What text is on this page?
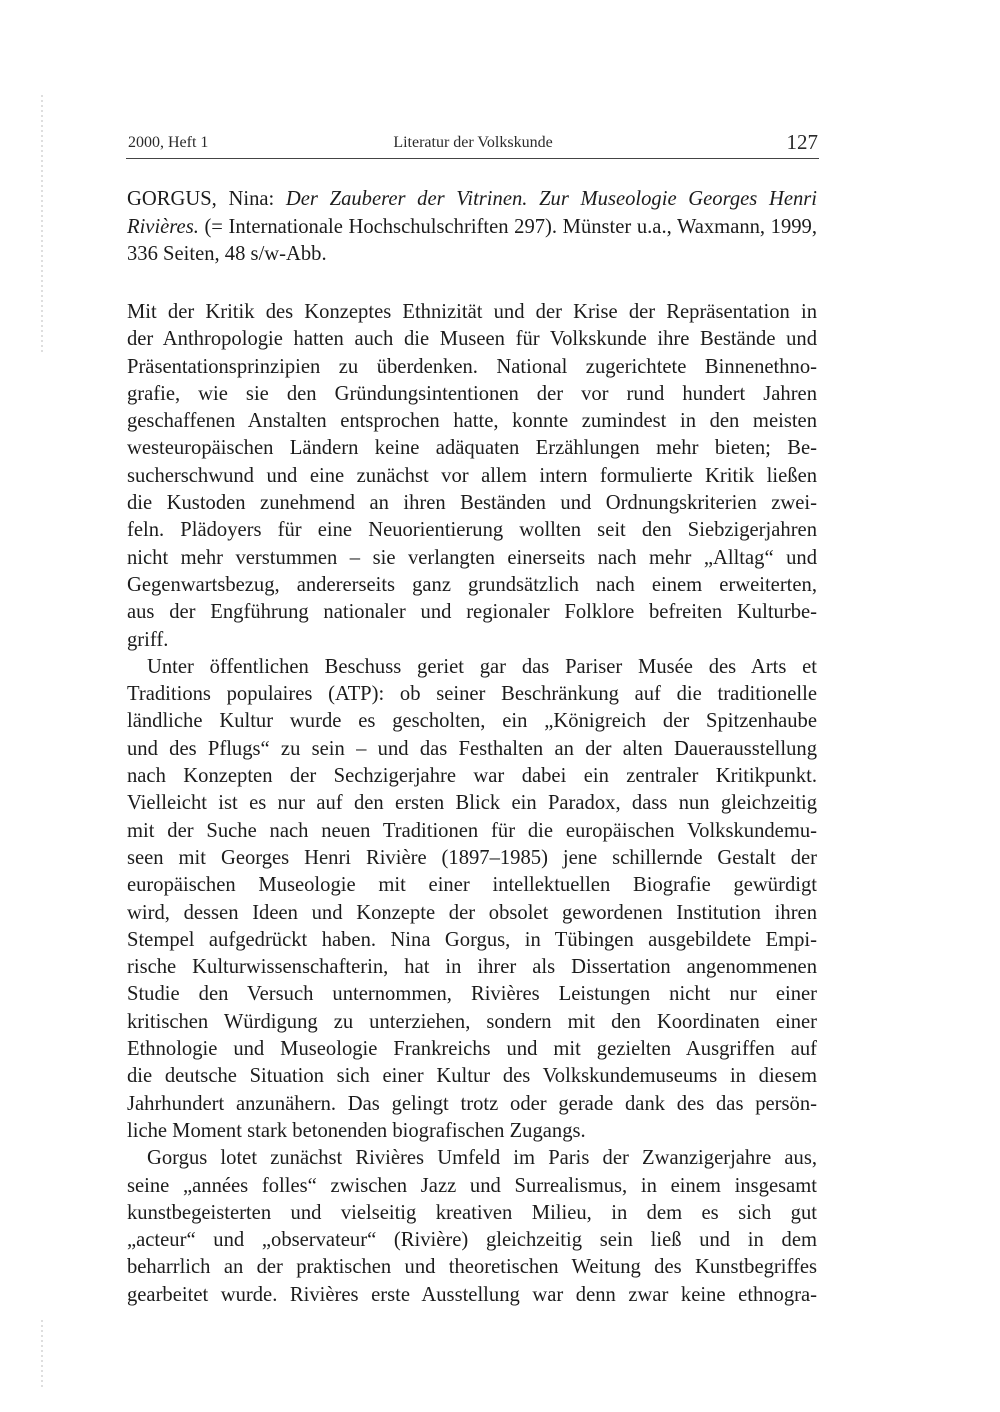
2000, Heft 1	Literatur der Volkskunde	127
GORGUS, Nina: Der Zauberer der Vitrinen. Zur Museologie Georges Henri Rivières. (= Internationale Hochschulschriften 297). Münster u.a., Waxmann, 1999, 336 Seiten, 48 s/w-Abb.
Mit der Kritik des Konzeptes Ethnizität und der Krise der Repräsentation in
der Anthropologie hatten auch die Museen für Volkskunde ihre Bestände und
Präsentationsprinzipien zu überdenken. National zugerichtete Binnenethno-
grafie, wie sie den Gründungsintentionen der vor rund hundert Jahren
geschaffenen Anstalten entsprochen hatte, konnte zumindest in den meisten
westeuropäischen Ländern keine adäquaten Erzählungen mehr bieten; Be-
sucherschwund und eine zunächst vor allem intern formulierte Kritik ließen
die Kustoden zunehmend an ihren Beständen und Ordnungskriterien zwei-
feln. Plädoyers für eine Neuorientierung wollten seit den Siebzigerjahren
nicht mehr verstummen – sie verlangten einerseits nach mehr „Alltag“ und
Gegenwartsbezug, andererseits ganz grundsätzlich nach einem erweiterten,
aus der Engführung nationaler und regionaler Folklore befreiten Kulturbe-
griff.
Unter öffentlichen Beschuss geriet gar das Pariser Musée des Arts et
Traditions populaires (ATP): ob seiner Beschränkung auf die traditionelle
ländliche Kultur wurde es gescholten, ein „Königreich der Spitzenhaube
und des Pflugs“ zu sein – und das Festhalten an der alten Dauerausstellung
nach Konzepten der Sechzigerjahre war dabei ein zentraler Kritikpunkt.
Vielleicht ist es nur auf den ersten Blick ein Paradox, dass nun gleichzeitig
mit der Suche nach neuen Traditionen für die europäischen Volkskundemu-
seen mit Georges Henri Rivière (1897–1985) jene schillernde Gestalt der
europäischen Museologie mit einer intellektuellen Biografie gewürdigt
wird, dessen Ideen und Konzepte der obsolet gewordenen Institution ihren
Stempel aufgedrückt haben. Nina Gorgus, in Tübingen ausgebildete Empi-
rische Kulturwissenschafterin, hat in ihrer als Dissertation angenommenen
Studie den Versuch unternommen, Rivières Leistungen nicht nur einer
kritischen Würdigung zu unterziehen, sondern mit den Koordinaten einer
Ethnologie und Museologie Frankreichs und mit gezielten Ausgriffen auf
die deutsche Situation sich einer Kultur des Volkskundemuseums in diesem
Jahrhundert anzunähern. Das gelingt trotz oder gerade dank des das persön-
liche Moment stark betonenden biografischen Zugangs.
Gorgus lotet zunächst Rivières Umfeld im Paris der Zwanzigerjahre aus,
seine „années folles“ zwischen Jazz und Surrealismus, in einem insgesamt
kunstbegeisterten und vielseitig kreativen Milieu, in dem es sich gut
„acteur“ und „observateur“ (Rivière) gleichzeitig sein ließ und in dem
beharrlich an der praktischen und theoretischen Weitung des Kunstbegriffes
gearbeitet wurde. Rivières erste Ausstellung war denn zwar keine ethnogra-
